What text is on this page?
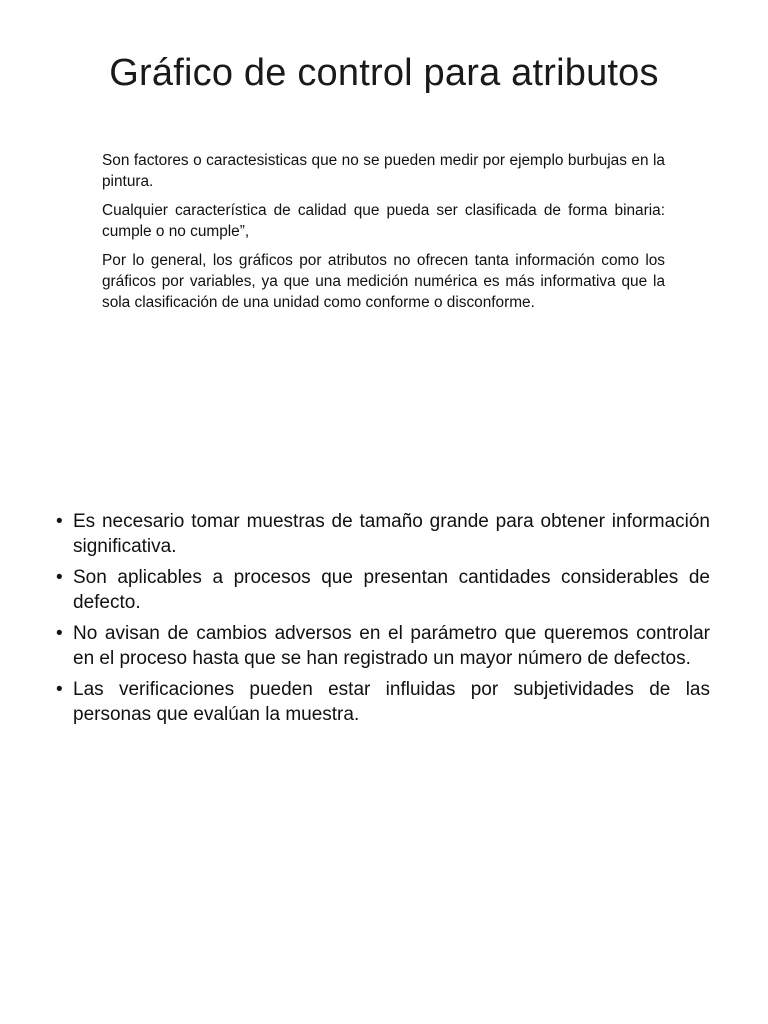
Gráfico de control para atributos

Son factores o caractesisticas que no se pueden medir por ejemplo burbujas en la pintura.

Cualquier característica de calidad que pueda ser clasificada de forma binaria: cumple o no cumple”,

Por lo general, los gráficos por atributos no ofrecen tanta información como los gráficos por variables, ya que una medición numérica es más informativa que la sola clasificación de una unidad como conforme o disconforme.

• Es necesario tomar muestras de tamaño grande para obtener información significativa.
• Son aplicables a procesos que presentan cantidades considerables de defecto.
• No avisan de cambios adversos en el parámetro que queremos controlar en el proceso hasta que se han registrado un mayor número de defectos.
• Las verificaciones pueden estar influidas por subjetividades de las personas que evalúan la muestra.
